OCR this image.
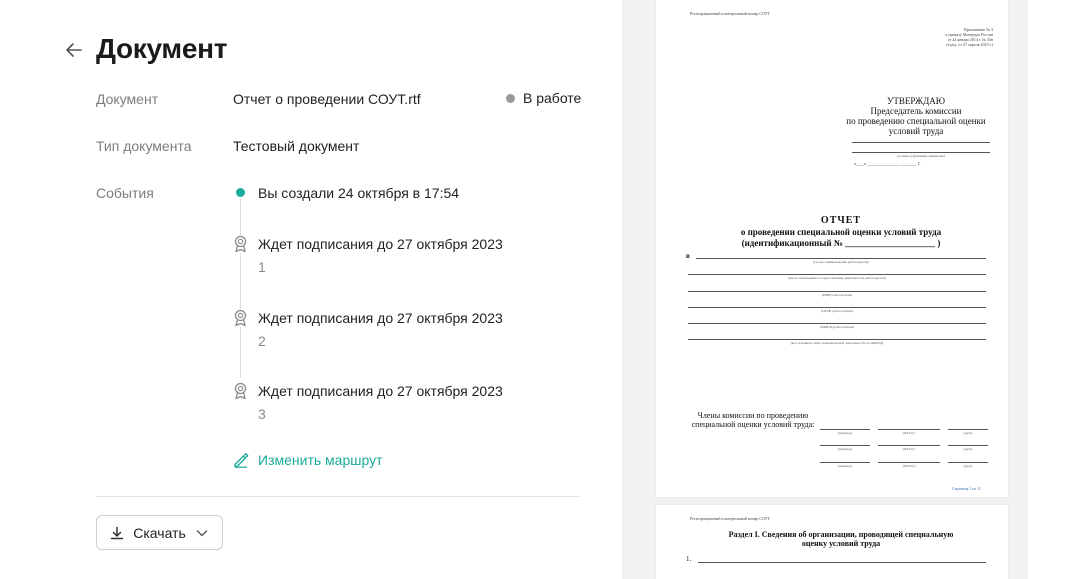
Документ
Документ	Отчет о проведении СОУТ.rtf	В работе
Тип документа	Тестовый документ
События	Вы создали 24 октября в 17:54
Ждет подписания до 27 октября 2023
1
Ждет подписания до 27 октября 2023
2
Ждет подписания до 27 октября 2023
3
Изменить маршрут
Скачать
Регистрационный и контрольный номер СОУТ
Приложение № 3
к приказу Минтруда России
от 24 января 2014 г. № 33н
(в ред. от 27 апреля 2023 г.)
УТВЕРЖДАЮ
Председатель комиссии
по проведению специальной оценки
условий труда
(подпись) (фамилия, инициалы)
«___» _____________ ______ г.
ОТЧЕТ
о проведении специальной оценки условий труда
(идентификационный № ____________________ )
в
(полное наименование работодателя)
(место нахождения и осуществления деятельности работодателя)
(ИНН работодателя)
(ОГРН работодателя)
(ОКВЭД работодателя)
(код основного вида экономической деятельности по ОКВЭД)
Члены комиссии по проведению
специальной оценки условий труда:
(подпись)	(Ф.И.О.)	(дата)
(подпись)	(Ф.И.О.)	(дата)
(подпись)	(Ф.И.О.)	(дата)
Страница 1 из 11
Регистрационный и контрольный номер СОУТ
Раздел I. Сведения об организации, проводящей специальную
оценку условий труда
1.
